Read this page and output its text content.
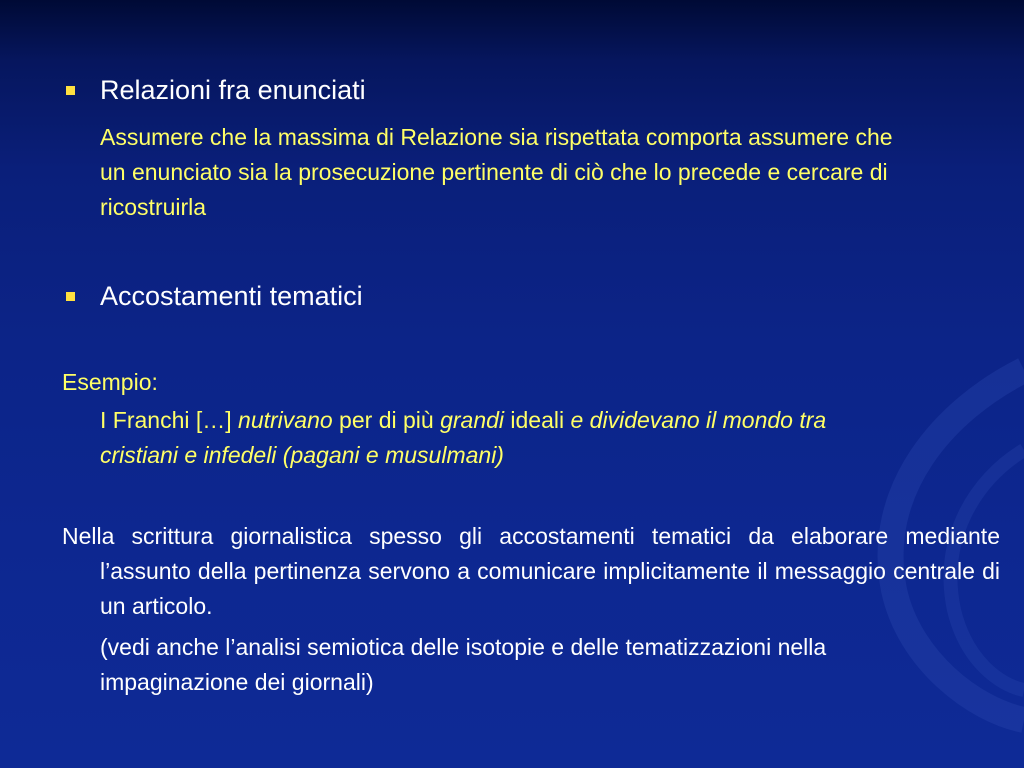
Relazioni fra enunciati

Assumere che la massima di Relazione sia rispettata comporta assumere che un enunciato sia la prosecuzione pertinente di ciò che lo precede e cercare di ricostruirla

Accostamenti tematici

Esempio:

I Franchi […] nutrivano per di più grandi ideali e dividevano il mondo tra cristiani e infedeli (pagani e musulmani)

Nella scrittura giornalistica spesso gli accostamenti tematici da elaborare mediante l’assunto della pertinenza servono a comunicare implicitamente il messaggio centrale di un articolo.

(vedi anche l’analisi semiotica delle isotopie e delle tematizzazioni nella impaginazione dei giornali)
